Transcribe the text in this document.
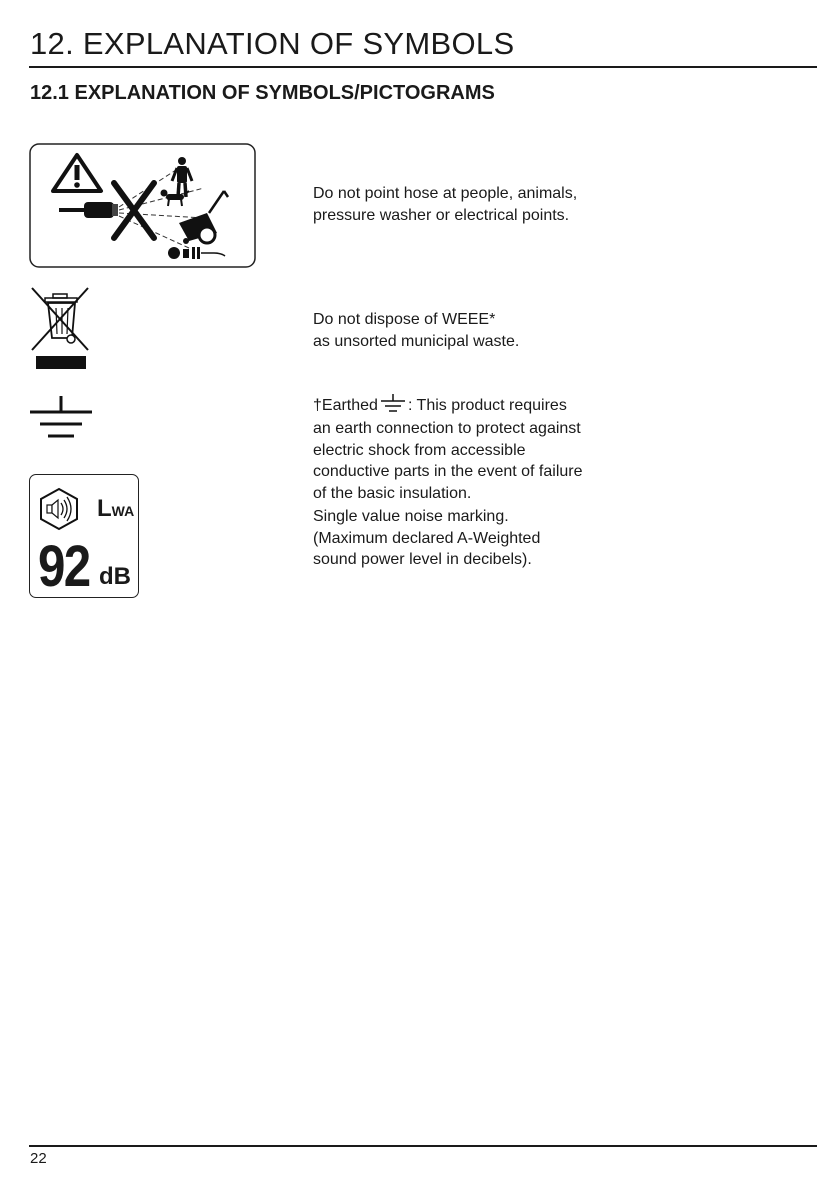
12. EXPLANATION OF SYMBOLS
12.1 EXPLANATION OF SYMBOLS/PICTOGRAMS
Do not point hose at people, animals,
pressure washer or electrical points.
Do not dispose of WEEE*
as unsorted municipal waste.

†Earthed : This product requires

an earth connection to protect against
electric shock from accessible
conductive parts in the event of failure
of the basic insulation.

LWA
92 dB
Single value noise marking.
(Maximum declared A-Weighted
sound power level in decibels).
22
